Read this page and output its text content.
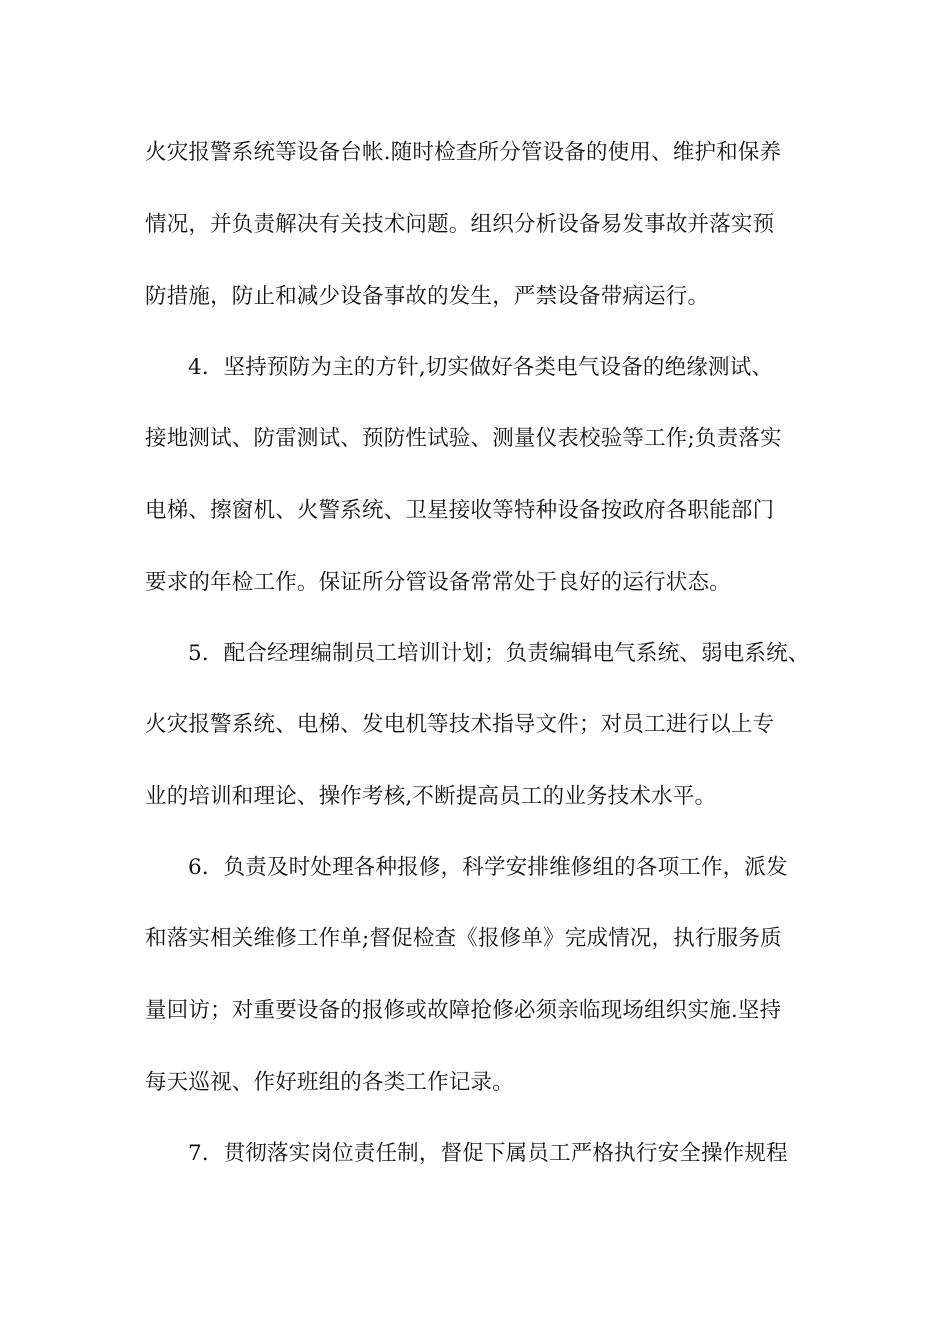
火灾报警系统等设备台帐.随时检查所分管设备的使用、维护和保养
情况，并负责解决有关技术问题。组织分析设备易发事故并落实预
防措施，防止和减少设备事故的发生，严禁设备带病运行。
4．坚持预防为主的方针,切实做好各类电气设备的绝缘测试、
接地测试、防雷测试、预防性试验、测量仪表校验等工作;负责落实
电梯、擦窗机、火警系统、卫星接收等特种设备按政府各职能部门
要求的年检工作。保证所分管设备常常处于良好的运行状态。
5．配合经理编制员工培训计划；负责编辑电气系统、弱电系统、
火灾报警系统、电梯、发电机等技术指导文件；对员工进行以上专
业的培训和理论、操作考核,不断提高员工的业务技术水平。
6．负责及时处理各种报修，科学安排维修组的各项工作，派发
和落实相关维修工作单;督促检查《报修单》完成情况，执行服务质
量回访；对重要设备的报修或故障抢修必须亲临现场组织实施.坚持
每天巡视、作好班组的各类工作记录。
7．贯彻落实岗位责任制，督促下属员工严格执行安全操作规程
